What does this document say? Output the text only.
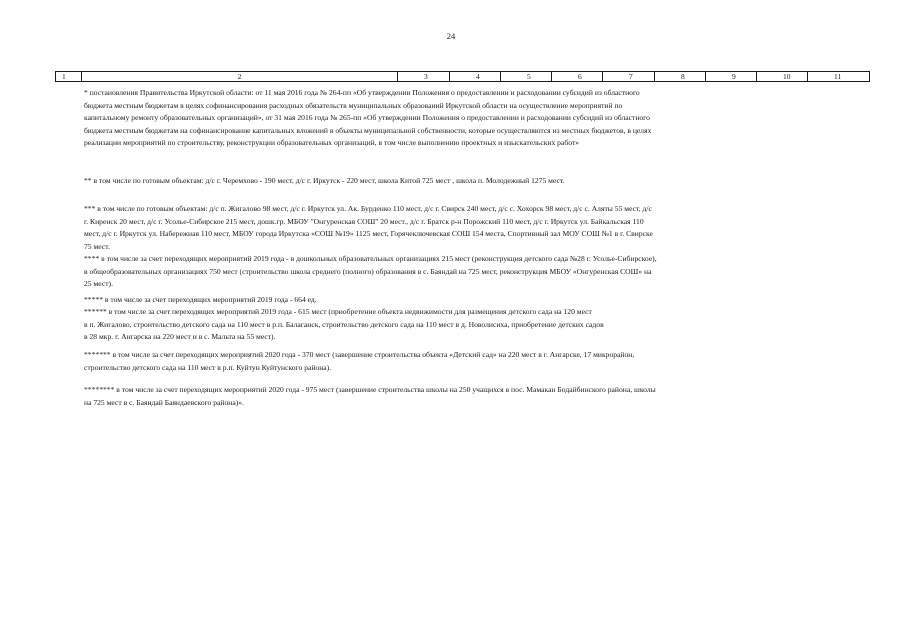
24
1	2	3	4	5	6	7	8	9	10	11
* постановления Правительства Иркутской области: от 11 мая 2016 года № 264-пп «Об утверждении Положения о предоставлении и расходовании субсидий из областного
бюджета местным бюджетам в целях софинансирования расходных обязательств муниципальных образований Иркутской области на осуществление мероприятий по
капитальному ремонту образовательных организаций», от 31 мая 2016 года № 265-пп «Об утверждении Положения о предоставлении и расходовании субсидий из областного
бюджета местным бюджетам на софинансирование капитальных вложений в объекты муниципальной собственности, которые осуществляются из местных бюджетов, в целях
реализации мероприятий по строительству, реконструкции образовательных организаций, в том числе выполнению проектных и изыскательских работ»
** в том числе по готовым объектам: д/с г. Черемхово - 190 мест, д/с г. Иркутск - 220 мест, школа Китой 725 мест , школа п. Молодежный 1275 мест.
*** в том числе по готовым объектам: д/с п. Жигалово 98 мест, д/с г. Иркутск ул. Ак. Бурденко 110 мест, д/с г. Свирск 240 мест, д/с с. Хохорск 98 мест, д/с с. Аляты 55 мест, д/с
г. Киренск 20 мест, д/с г. Усолье-Сибирское 215 мест, дошк.гр. МБОУ "Онгуренская СОШ" 20 мест., д/с г. Братск р-н Порожский 110 мест, д/с г. Иркутск ул. Байкальская 110
мест, д/с г. Иркутск ул. Набережная 110 мест, МБОУ города Иркутска «СОШ №19» 1125 мест, Горячеключевская СОШ 154 места, Спортивный зал МОУ СОШ №1 в г. Свирске
75 мест.
**** в том числе за счет переходящих мероприятий 2019 года - в дошкольных образовательных организациях 215 мест (реконструкция детского сада №28 г. Усолье-Сибирское),
в общеобразовательных организациях 750 мест (строительство школа среднего (полного) образования в с. Баяндай на 725 мест, реконструкция МБОУ «Онгуренская СОШ» на
25 мест).
***** в том числе за счет переходящих мероприятий 2019 года - 664 ед.
****** в том числе за счет переходящих мероприятий 2019 года - 615 мест (приобретение объекта недвижимости для размещения детского сада на 120 мест
в п. Жигалово, строительство детского сада на 110 мест в р.п. Балаганск, строительство детского сада на 110 мест в д. Новолисиха, приобретение детских садов
в 28 мкр. г. Ангарска на 220 мест и в с. Мальта на 55 мест).
******* в том числе за счет переходящих мероприятий 2020 года - 370 мест (завершение строительства объекта «Детский сад» на 220 мест в г. Ангарске, 17 микрорайон,
строительство детского сада на 110 мест в р.п. Куйтун Куйтунского района).
******** в том числе за счет переходящих мероприятий 2020 года - 975 мест (завершение строительства школы на 250 учащихся в пос. Мамакан Бодайбинского района, школы
на 725 мест в с. Баяндай Баяндаевского района)».
